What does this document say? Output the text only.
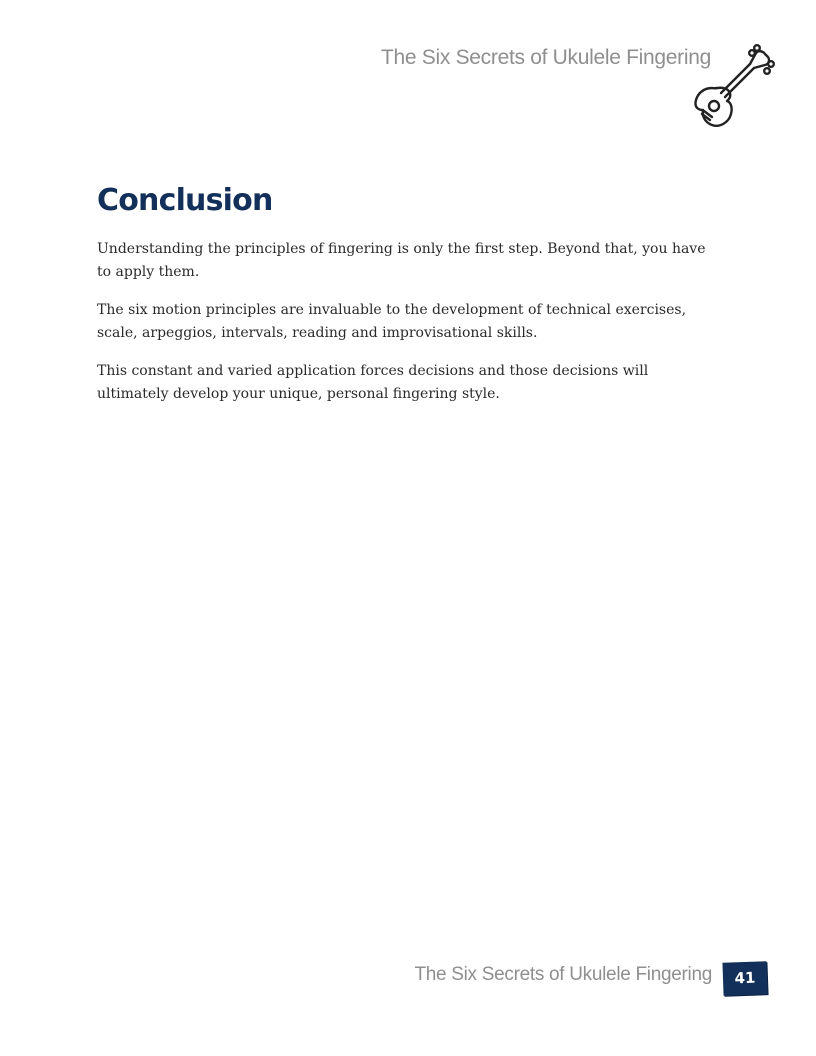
The Six Secrets of Ukulele Fingering
Conclusion

Understanding the principles of fingering is only the first step. Beyond that, you have to apply them.

The six motion principles are invaluable to the development of technical exercises, scale, arpeggios, intervals, reading and improvisational skills.

This constant and varied application forces decisions and those decisions will ultimately develop your unique, personal fingering style.

The Six Secrets of Ukulele Fingering	41
